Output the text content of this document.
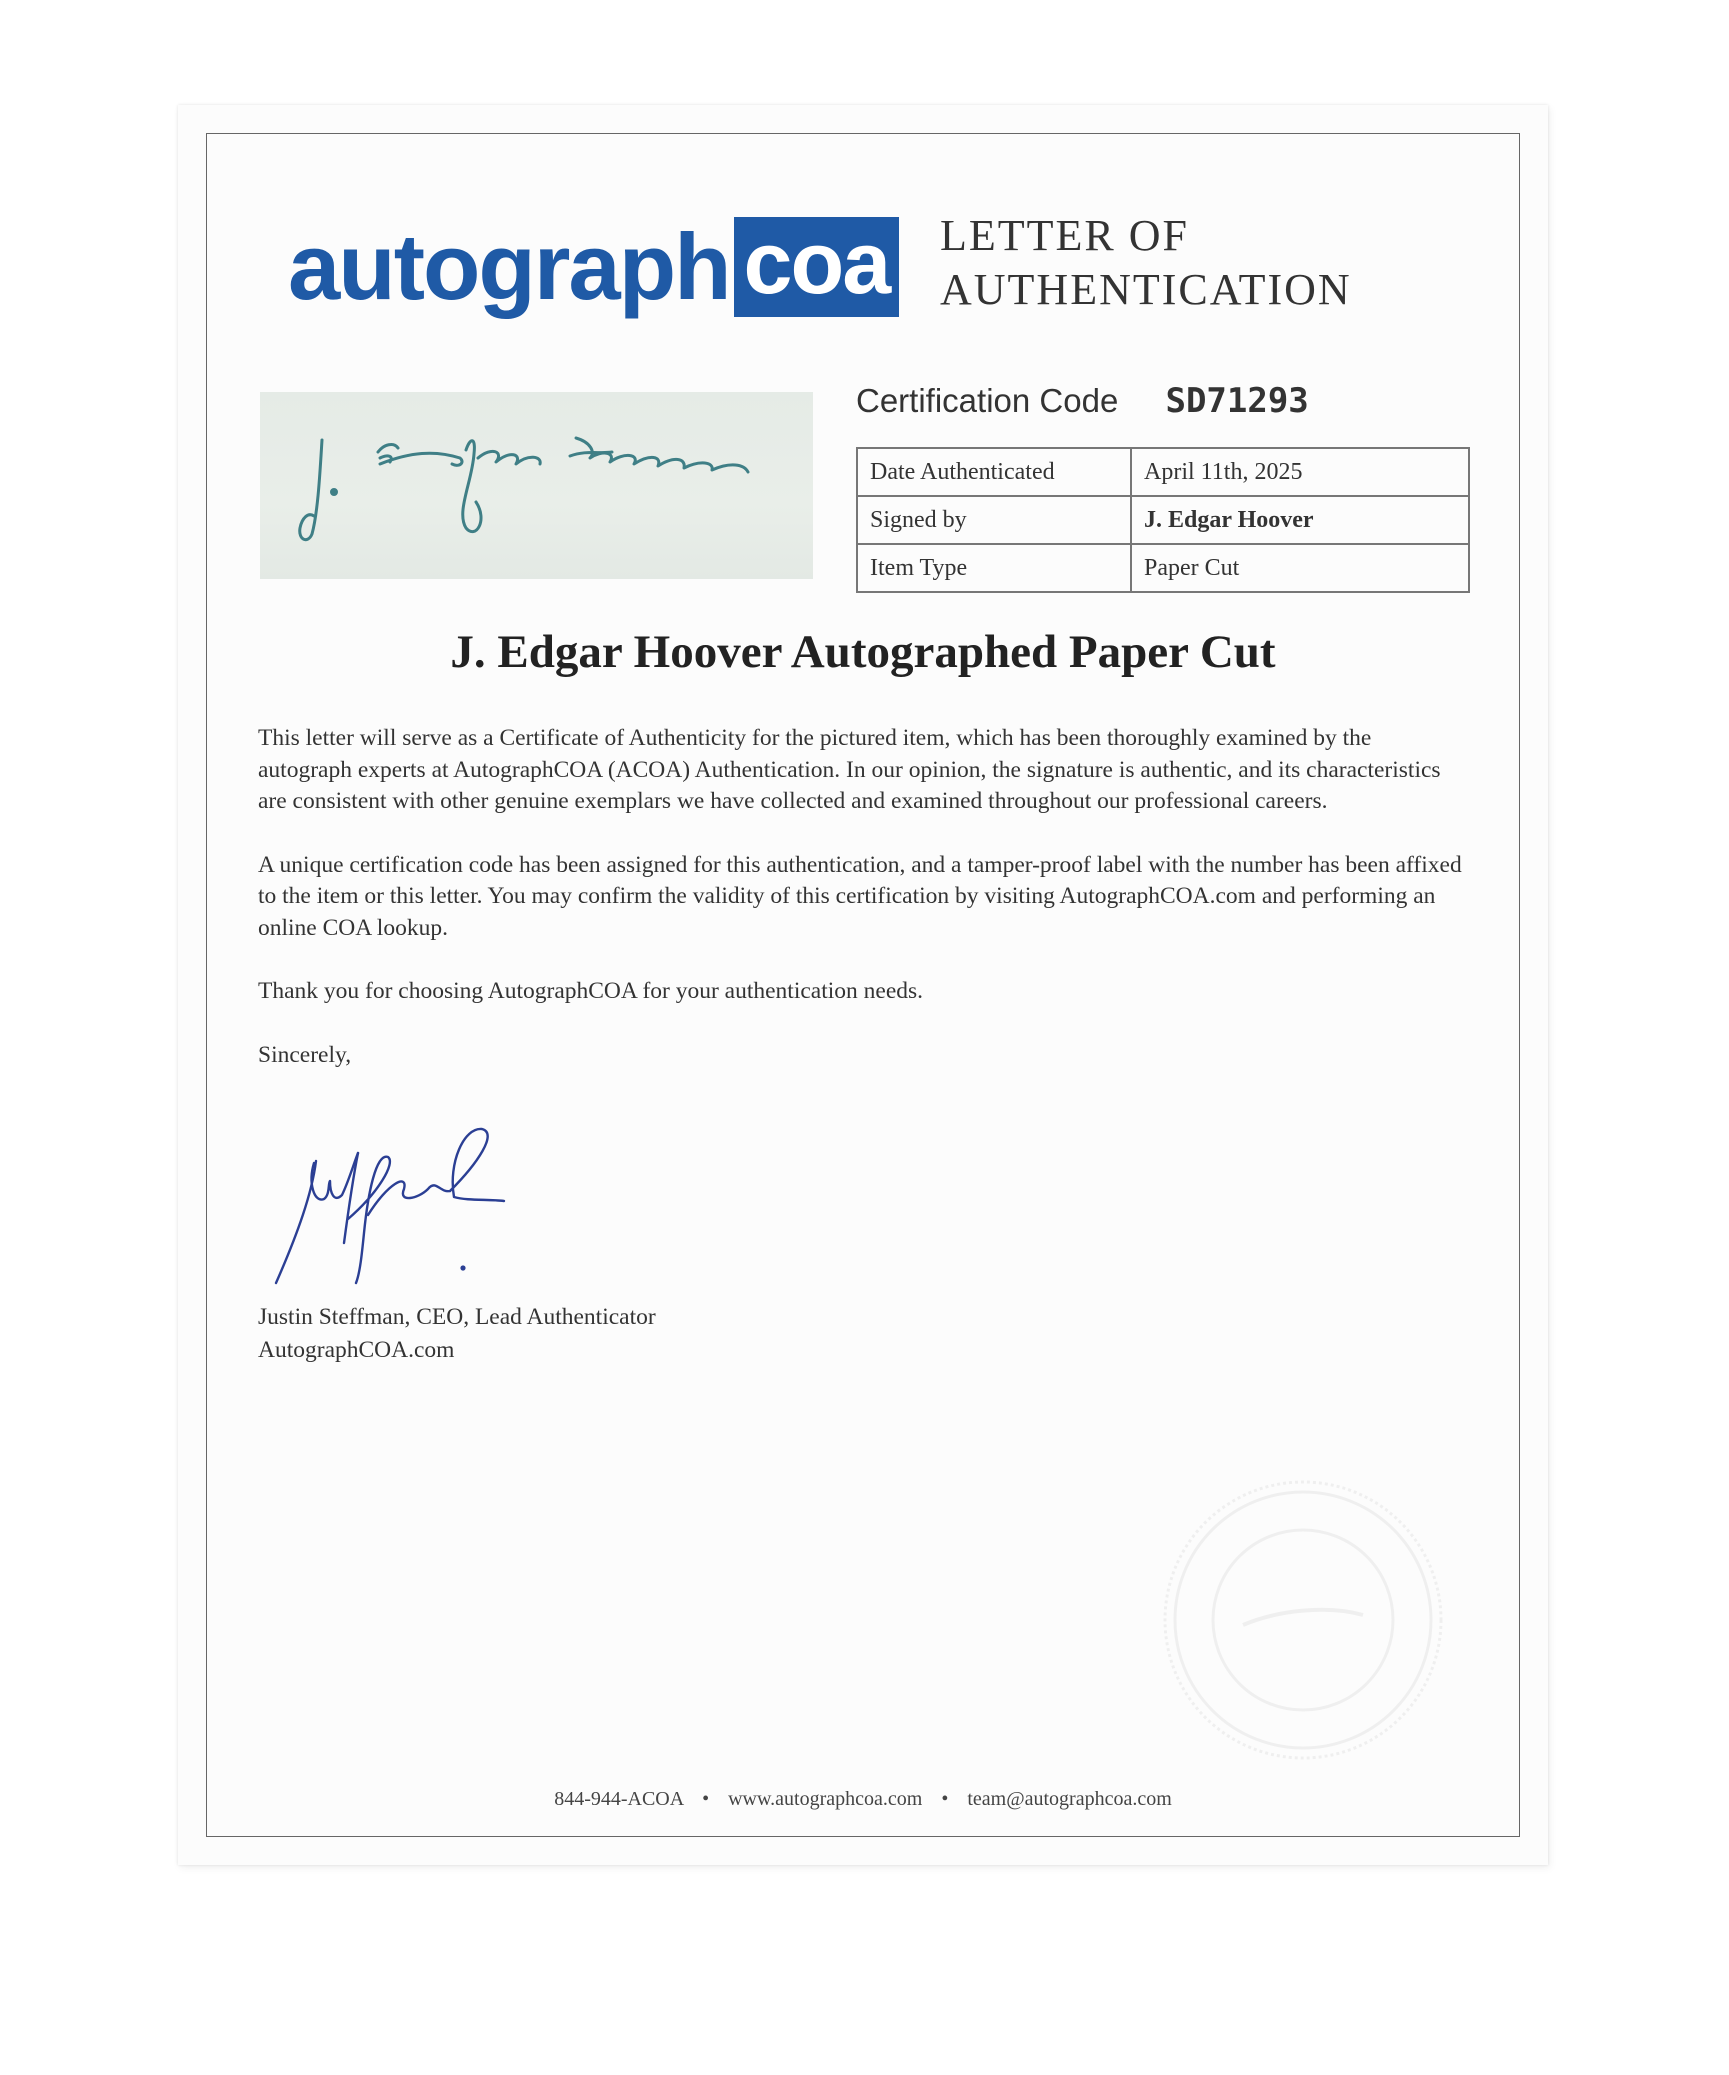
autograph coa LETTER OF
AUTHENTICATION
Certification Code SD71293
Date Authenticated	April 11th, 2025
Signed by	J. Edgar Hoover
Item Type	Paper Cut
J. Edgar Hoover Autographed Paper Cut

This letter will serve as a Certificate of Authenticity for the pictured item, which has been thoroughly examined by the autograph experts at AutographCOA (ACOA) Authentication. In our opinion, the signature is authentic, and its characteristics are consistent with other genuine exemplars we have collected and examined throughout our professional careers.

A unique certification code has been assigned for this authentication, and a tamper-proof label with the number has been affixed to the item or this letter. You may confirm the validity of this certification by visiting AutographCOA.com and performing an online COA lookup.

Thank you for choosing AutographCOA for your authentication needs.

Sincerely,

Justin Steffman, CEO, Lead Authenticator
AutographCOA.com
844-944-ACOA • www.autographcoa.com • team@autographcoa.com
